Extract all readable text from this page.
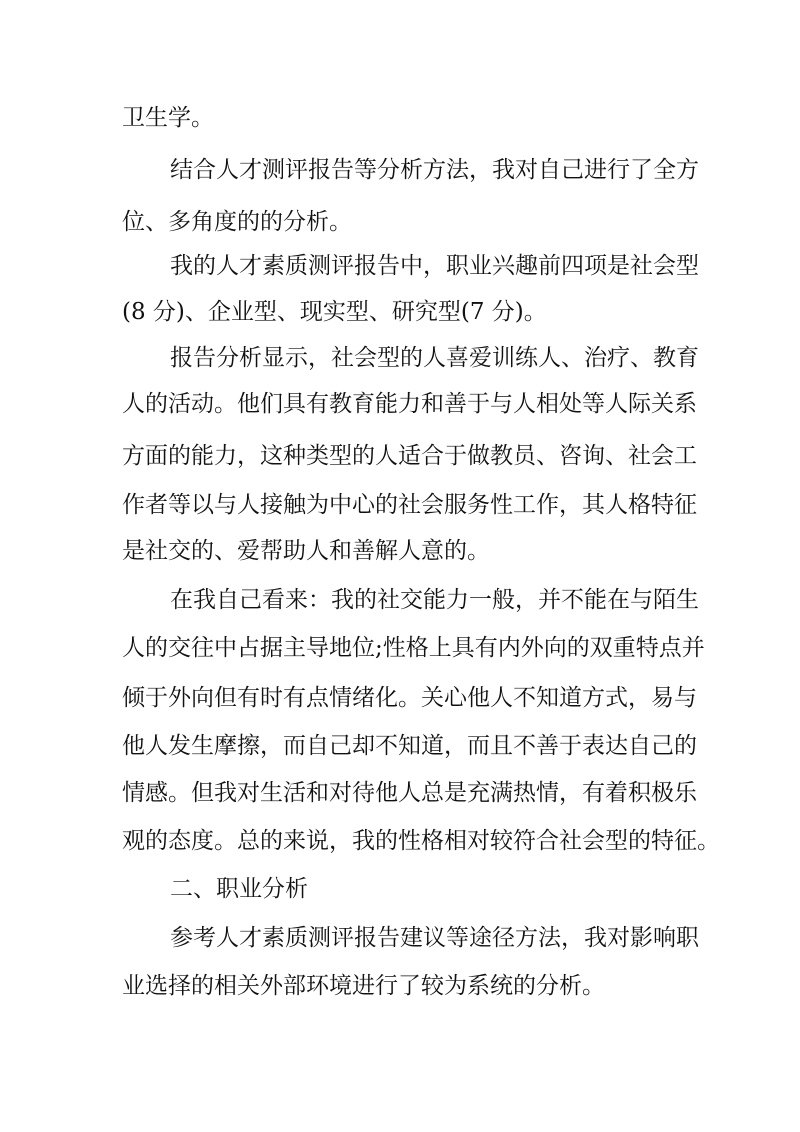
卫生学。
结合人才测评报告等分析方法，我对自己进行了全方
位、多角度的的分析。
我的人才素质测评报告中，职业兴趣前四项是社会型
(8 分)、企业型、现实型、研究型(7 分)。
报告分析显示，社会型的人喜爱训练人、治疗、教育
人的活动。他们具有教育能力和善于与人相处等人际关系
方面的能力，这种类型的人适合于做教员、咨询、社会工
作者等以与人接触为中心的社会服务性工作，其人格特征
是社交的、爱帮助人和善解人意的。
在我自己看来：我的社交能力一般，并不能在与陌生
人的交往中占据主导地位;性格上具有内外向的双重特点并
倾于外向但有时有点情绪化。关心他人不知道方式，易与
他人发生摩擦，而自己却不知道，而且不善于表达自己的
情感。但我对生活和对待他人总是充满热情，有着积极乐
观的态度。总的来说，我的性格相对较符合社会型的特征。
二、职业分析
参考人才素质测评报告建议等途径方法，我对影响职
业选择的相关外部环境进行了较为系统的分析。
